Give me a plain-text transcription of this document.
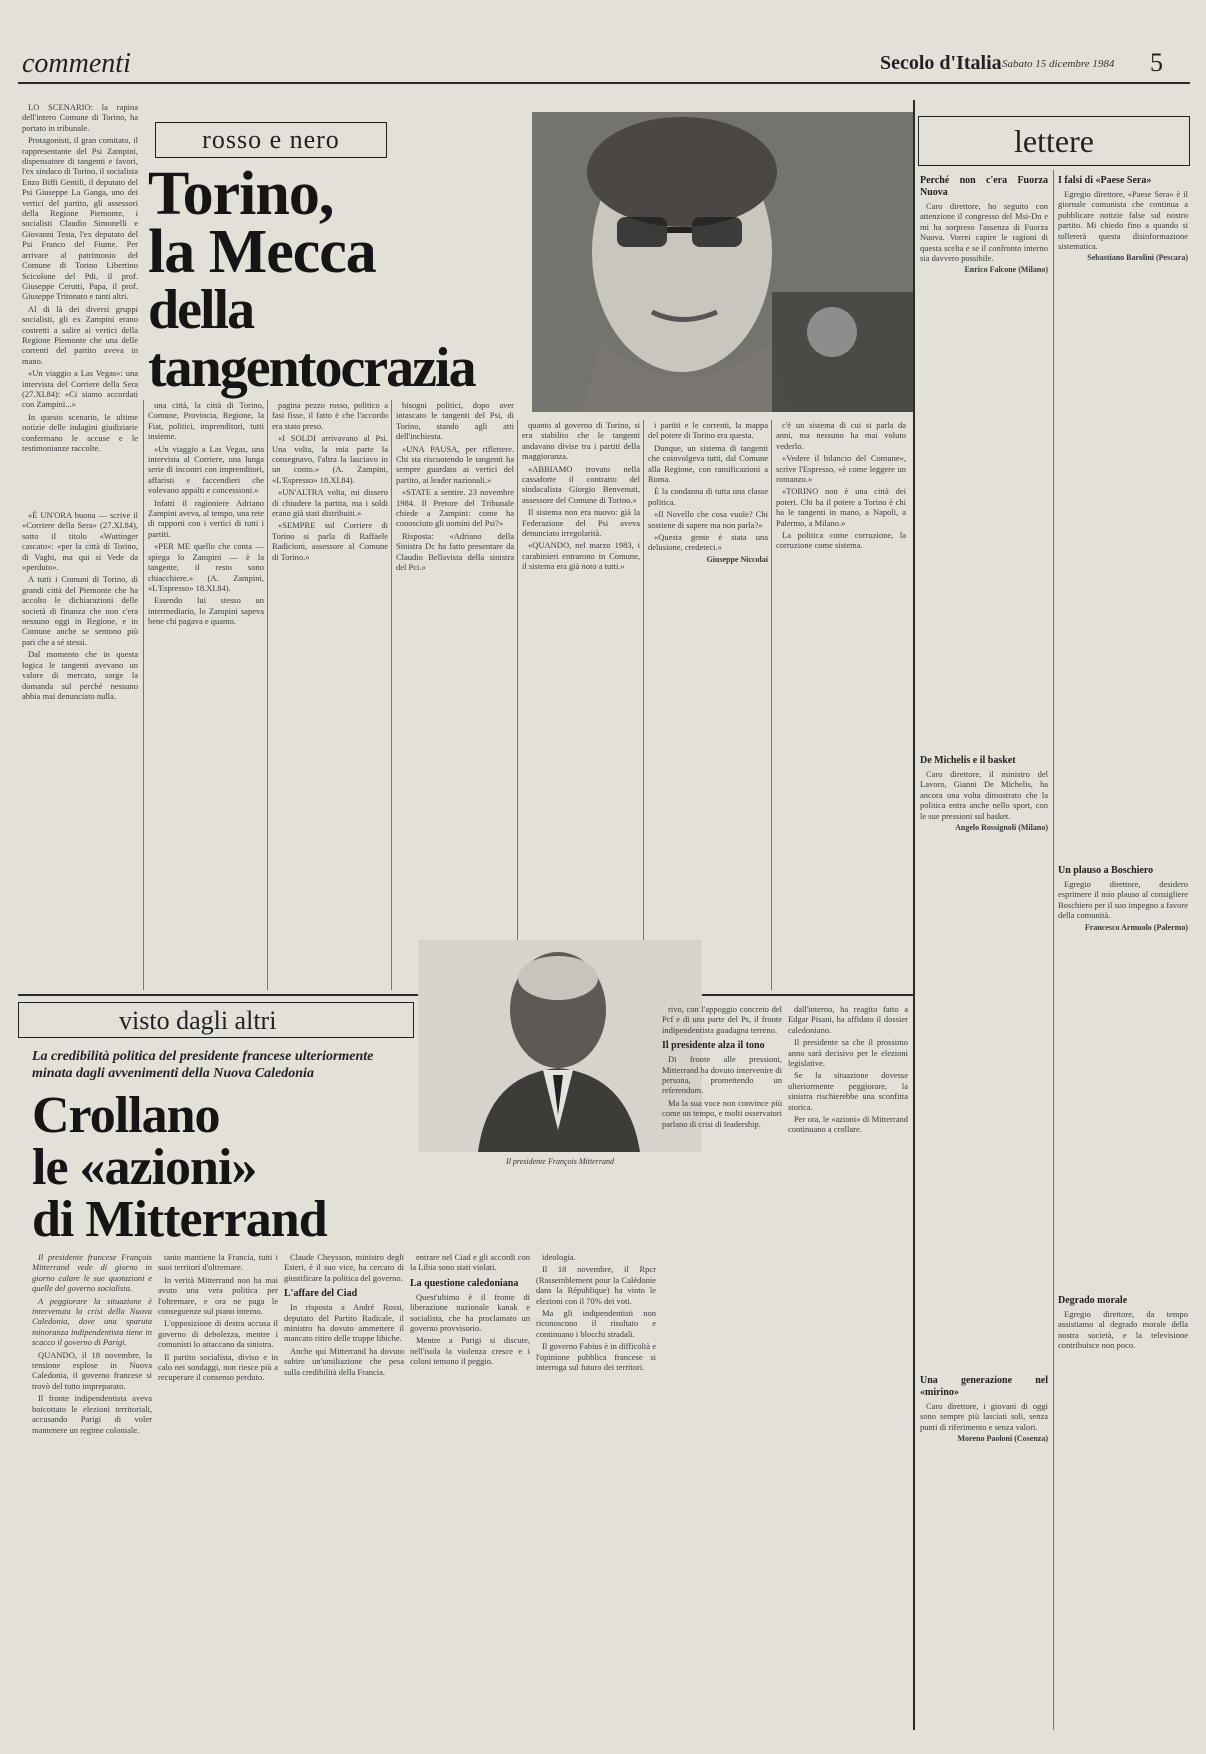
commenti	Secolo d'Italia Sabato 15 dicembre 1984 5
rosso e nero
Torino,
la Mecca
della tangentocrazia

LO SCENARIO: la rapina dell'intero Comune di Torino, ha portato in tribunale.

Protagonisti, il gran comitato, il rappresentante del Psi Zampini, dispensatore di tangenti e favori, l'ex sindaco di Torino, il socialista Enzo Biffi Gentili, il deputato del Psi Giuseppe La Ganga, uno dei vertici del partito, gli assessori della Regione Piemonte, i socialisti Claudio Simonelli e Giovanni Testa, l'ex deputato del Psi Franco del Fiume. Per arrivare al patrimonio del Comune di Torino Libertino Scicolone del Pdi, il prof. Giuseppe Cerutti, Papa, il prof. Giuseppe Tritonato e tanti altri.

Al di là dei diversi gruppi socialisti, gli ex Zampini erano costretti a salire ai vertici della Regione Piemonte che una delle correnti del partito aveva in mano.

«Un viaggio a Las Vegas»: una intervista del Corriere della Sera (27.XI.84): «Ci siamo accordati con Zampini...»

In questo scenario, le ultime notizie delle indagini giudiziarie confermano le accuse e le testimonianze raccolte.

«È UN'ORA buona — scrive il «Corriere della Sera» (27.XI.84), sotto il titolo «Wuttinger cascato»: «per la città di Torino, di Vaghi, ma qui si Vede da «perduto».

A tutti i Comuni di Torino, di grandi città del Piemonte che ha accolto le dichiarazioni delle società di finanza che non c'era nessuno oggi in Regione, e in Comune anche se sentono più pari che a sé stessi.

Dal momento che in questa logica le tangenti avevano un valore di mercato, sorge la domanda sul perché nessuno abbia mai denunciato nulla.

una città, la città di Torino, Comune, Provincia, Regione, la Fiat, politici, imprenditori, tutti insieme.

«Un viaggio a Las Vegas, una intervista al Corriere, una lunga serie di incontri con imprenditori, affaristi e faccendieri che volevano appalti e concessioni.»

Infatti il ragioniere Adriano Zampini aveva, al tempo, una rete di rapporti con i vertici di tutti i partiti.

«PER ME quello che conta — spiega lo Zampini — è la tangente, il resto sono chiacchiere.» (A. Zampini, «L'Espresso» 18.XI.84).

Essendo lui stesso un intermediario, lo Zampini sapeva bene chi pagava e quanto.

pagina pezzo rosso, politico a fasi fisse, il fatto è che l'accordo era stato preso.

«I SOLDI arrivavano al Psi. Una volta, la mia parte la consegnavo, l'altra la lasciavo in un conto.» (A. Zampini, «L'Espresso» 18.XI.84).

«UN'ALTRA volta, mi dissero di chiudere la partita, ma i soldi erano già stati distribuiti.»

«SEMPRE sul Corriere di Torino si parla di Raffaele Radicioni, assessore al Comune di Torino.»

bisogni politici, dopo aver intascato le tangenti del Psi, di Torino, stando agli atti dell'inchiesta.

«UNA PAUSA, per riflettere. Chi sta riscuotendo le tangenti ha sempre guardato ai vertici del partito, ai leader nazionali.»

«STATE a sentire. 23 novembre 1984. Il Pretore del Tribunale chiede a Zampini: come ha conosciuto gli uomini del Psi?»

Risposta: «Adriano della Sinistra Dc ha fatto presentare da Claudio Bellavista della sinistra del Pci.»

quanto al governo di Torino, si era stabilito che le tangenti andavano divise tra i partiti della maggioranza.

«ABBIAMO trovato nella cassaforte il contratto del sindacalista Giorgio Benvenuti, assessore del Comune di Torino.»

Il sistema non era nuovo: già la Federazione del Psi aveva denunciato irregolarità.

«QUANDO, nel marzo 1983, i carabinieri entrarono in Comune, il sistema era già noto a tutti.»

i partiti e le correnti, la mappa del potere di Torino era questa.

Dunque, un sistema di tangenti che coinvolgeva tutti, dal Comune alla Regione, con ramificazioni a Roma.

È la condanna di tutta una classe politica.

«Il Novello che cosa vuole? Chi sostiene di sapere ma non parla?»

«Questa gente è stata una delusione, credeteci.»

Giuseppe Niccolai

c'è un sistema di cui si parla da anni, ma nessuno ha mai voluto vederlo.

«Vedere il bilancio del Comune», scrive l'Espresso, «è come leggere un romanzo.»

«TORINO non è una città dei poteri. Chi ha il potere a Torino è chi ha le tangenti in mano, a Napoli, a Palermo, a Milano.»

La politica come corruzione, la corruzione come sistema.

visto dagli altri
La credibilità politica del presidente francese ulteriormente minata dagli avvenimenti della Nuova Caledonia
Crollano
le «azioni»
di Mitterrand
Il presidente François Mitterrand

Il presidente francese François Mitterrand vede di giorno in giorno calare le sue quotazioni e quelle del governo socialista.

A peggiorare la situazione è intervenuta la crisi della Nuova Caledonia, dove una sparuta minoranza indipendentista tiene in scacco il governo di Parigi.

QUANDO, il 18 novembre, la tensione esplose in Nuova Caledonia, il governo francese si trovò del tutto impreparato.

Il fronte indipendentista aveva boicottato le elezioni territoriali, accusando Parigi di voler mantenere un regime coloniale.

tanto mantiene la Francia, tutti i suoi territori d'oltremare.

In verità Mitterrand non ha mai avuto una vera politica per l'oltremare, e ora ne paga le conseguenze sul piano interno.

L'opposizione di destra accusa il governo di debolezza, mentre i comunisti lo attaccano da sinistra.

Il partito socialista, diviso e in calo nei sondaggi, non riesce più a recuperare il consenso perduto.

Claude Cheysson, ministro degli Esteri, è il suo vice, ha cercato di giustificare la politica del governo.

L'affare del Ciad

In risposta a André Rossi, deputato del Partito Radicale, il ministro ha dovuto ammettere il mancato ritiro delle truppe libiche.

Anche qui Mitterrand ha dovuto subire un'umiliazione che pesa sulla credibilità della Francia.

entrare nel Ciad e gli accordi con la Libia sono stati violati.

La questione caledoniana

Quest'ultimo è il fronte di liberazione nazionale kanak e socialista, che ha proclamato un governo provvisorio.

Mentre a Parigi si discute, nell'isola la violenza cresce e i coloni temono il peggio.

ideologia.

Il 18 novembre, il Rpcr (Rassemblement pour la Calédonie dans la République) ha vinto le elezioni con il 70% dei voti.

Ma gli indipendentisti non riconoscono il risultato e continuano i blocchi stradali.

Il governo Fabius è in difficoltà e l'opinione pubblica francese si interroga sul futuro dei territori.

rivo, con l'appoggio concreto del Pcf e di una parte del Ps, il fronte indipendentista guadagna terreno.

Il presidente alza il tono

Di fronte alle pressioni, Mitterrand ha dovuto intervenire di persona, promettendo un referendum.

Ma la sua voce non convince più come un tempo, e molti osservatori parlano di crisi di leadership.

dall'interno, ha reagito fatto a Edgar Pisani, ha affidato il dossier caledoniano.

Il presidente sa che il prossimo anno sarà decisivo per le elezioni legislative.

Se la situazione dovesse ulteriormente peggiorare, la sinistra rischierebbe una sconfitta storica.

Per ora, le «azioni» di Mitterrand continuano a crollare.

lettere

Perché non c'era Fuorza Nuova

Caro direttore, ho seguito con attenzione il congresso del Msi-Dn e mi ha sorpreso l'assenza di Fuorza Nuova. Vorrei capire le ragioni di questa scelta e se il confronto interno sia davvero possibile.

Enrico Falcone (Milano)

I falsi di «Paese Sera»

Egregio direttore, «Paese Sera» è il giornale comunista che continua a pubblicare notizie false sul nostro partito. Mi chiedo fino a quando si tollererà questa disinformazione sistematica.

Sebastiano Barolini (Pescara)

De Michelis e il basket

Caro direttore, il ministro del Lavoro, Gianni De Michelis, ha ancora una volta dimostrato che la politica entra anche nello sport, con le sue pressioni sul basket.

Angelo Rossignoli (Milano)

Un plauso a Boschiero

Egregio direttore, desidero esprimere il mio plauso al consigliere Boschiero per il suo impegno a favore della comunità.

Francesco Armuolo (Palermo)

Una generazione nel «mirino»

Caro direttore, i giovani di oggi sono sempre più lasciati soli, senza punti di riferimento e senza valori.

Moreno Paoloni (Cosenza)

Degrado morale

Egregio direttore, da tempo assistiamo al degrado morale della nostra società, e la televisione contribuisce non poco.
